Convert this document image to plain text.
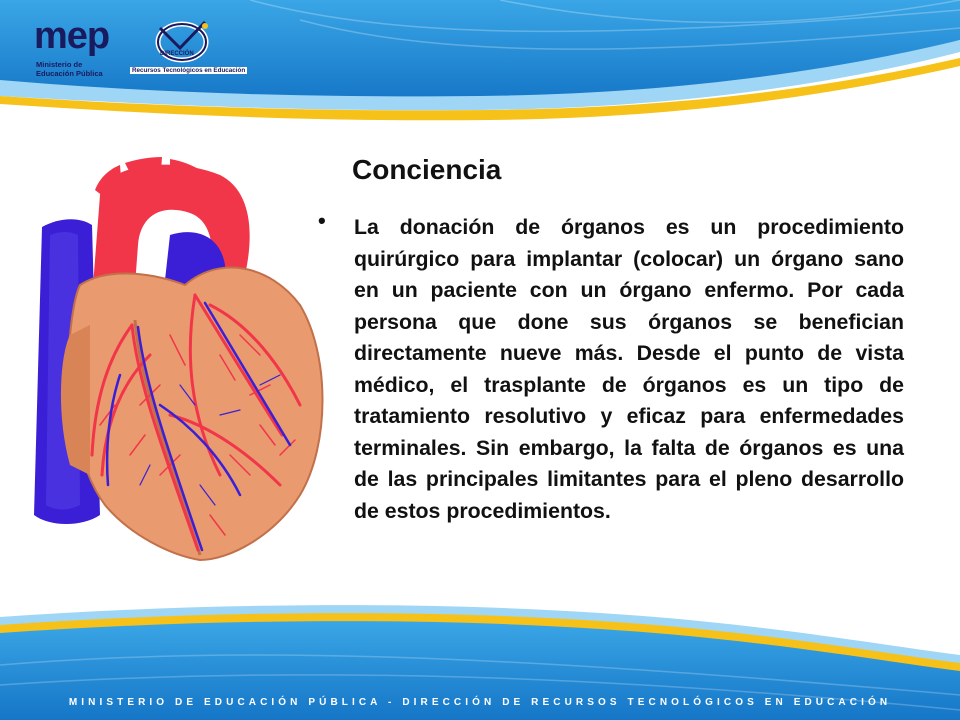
mep
Ministerio de
Educación Pública
DIRECCIÓN
Recursos Tecnológicos en Educación
Conciencia
• La donación de órganos es un procedimiento quirúrgico para implantar (colocar) un órgano sano en un paciente con un órgano enfermo. Por cada persona que done sus órganos se benefician directamente nueve más. Desde el punto de vista médico, el trasplante de órganos es un tipo de tratamiento resolutivo y eficaz para enfermedades terminales. Sin embargo, la falta de órganos es una de las principales limitantes para el pleno desarrollo de estos procedimientos.

MINISTERIO DE EDUCACIÓN PÚBLICA - DIRECCIÓN DE RECURSOS TECNOLÓGICOS EN EDUCACIÓN
